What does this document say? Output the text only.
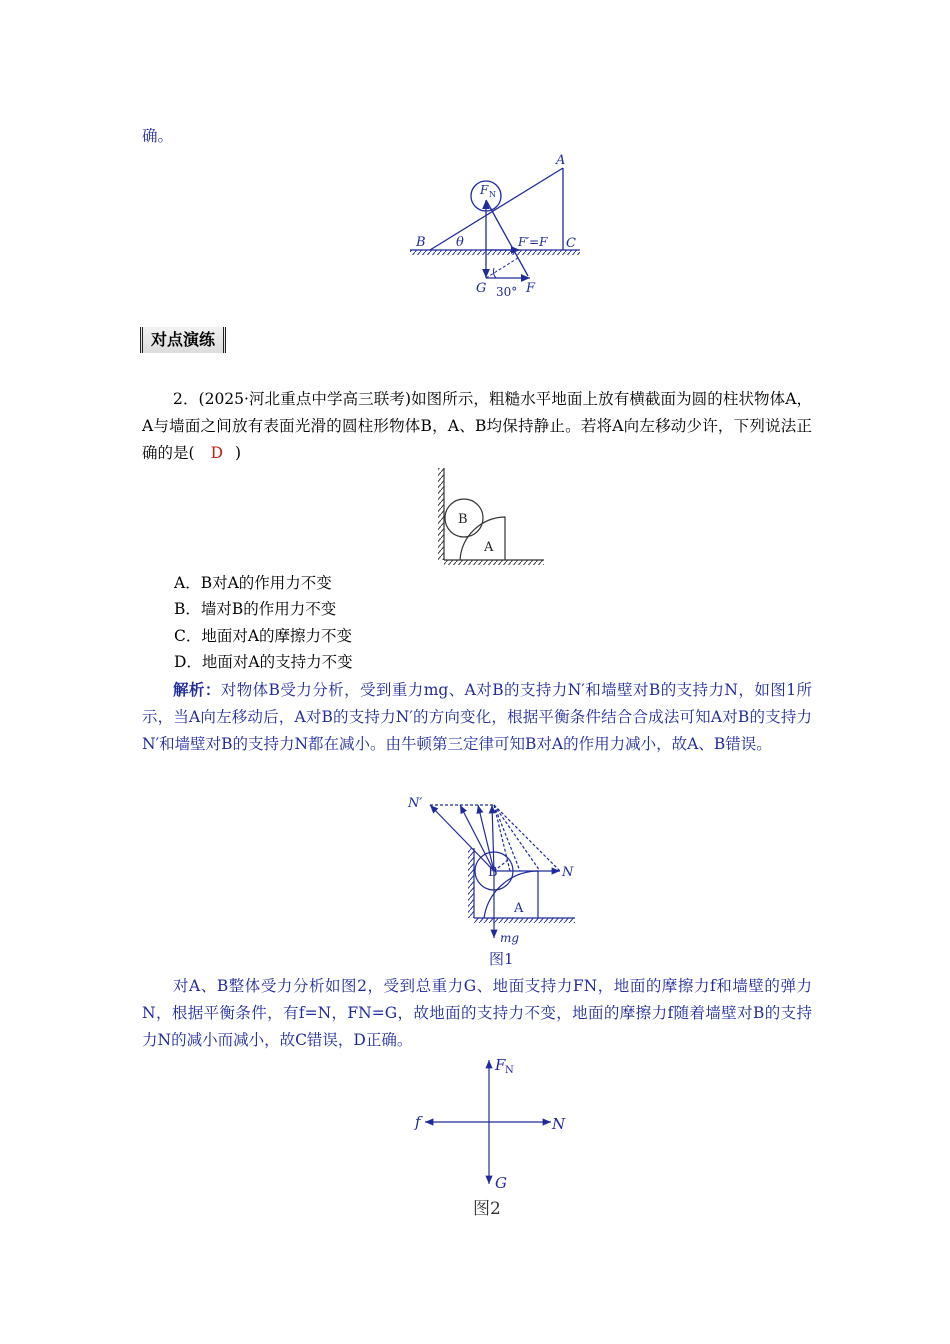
确。
A
B	C
θ
F N
F′=F
G 30° F
对点演练
2．(2025·河北重点中学高三联考)如图所示，粗糙水平地面上放有横截面为圆的柱状物体A，A与墙面之间放有表面光滑的圆柱形物体B，A、B均保持静止。若将A向左移动少许，下列说法正确的是( D )
B
A
A．B对A的作用力不变
B．墙对B的作用力不变
C．地面对A的摩擦力不变
D．地面对A的支持力不变
解析：对物体B受力分析，受到重力mg、A对B的支持力N′和墙壁对B的支持力N，如图1所示，当A向左移动后，A对B的支持力N′的方向变化，根据平衡条件结合合成法可知A对B的支持力N′和墙壁对B的支持力N都在减小。由牛顿第三定律可知B对A的作用力减小，故A、B错误。
N′
N
B
A
mg
图1
对A、B整体受力分析如图2，受到总重力G、地面支持力FN，地面的摩擦力f和墙壁的弹力N，根据平衡条件，有f=N，FN=G，故地面的支持力不变，地面的摩擦力f随着墙壁对B的支持力N的减小而减小，故C错误，D正确。
F N
f	N
G
图2
